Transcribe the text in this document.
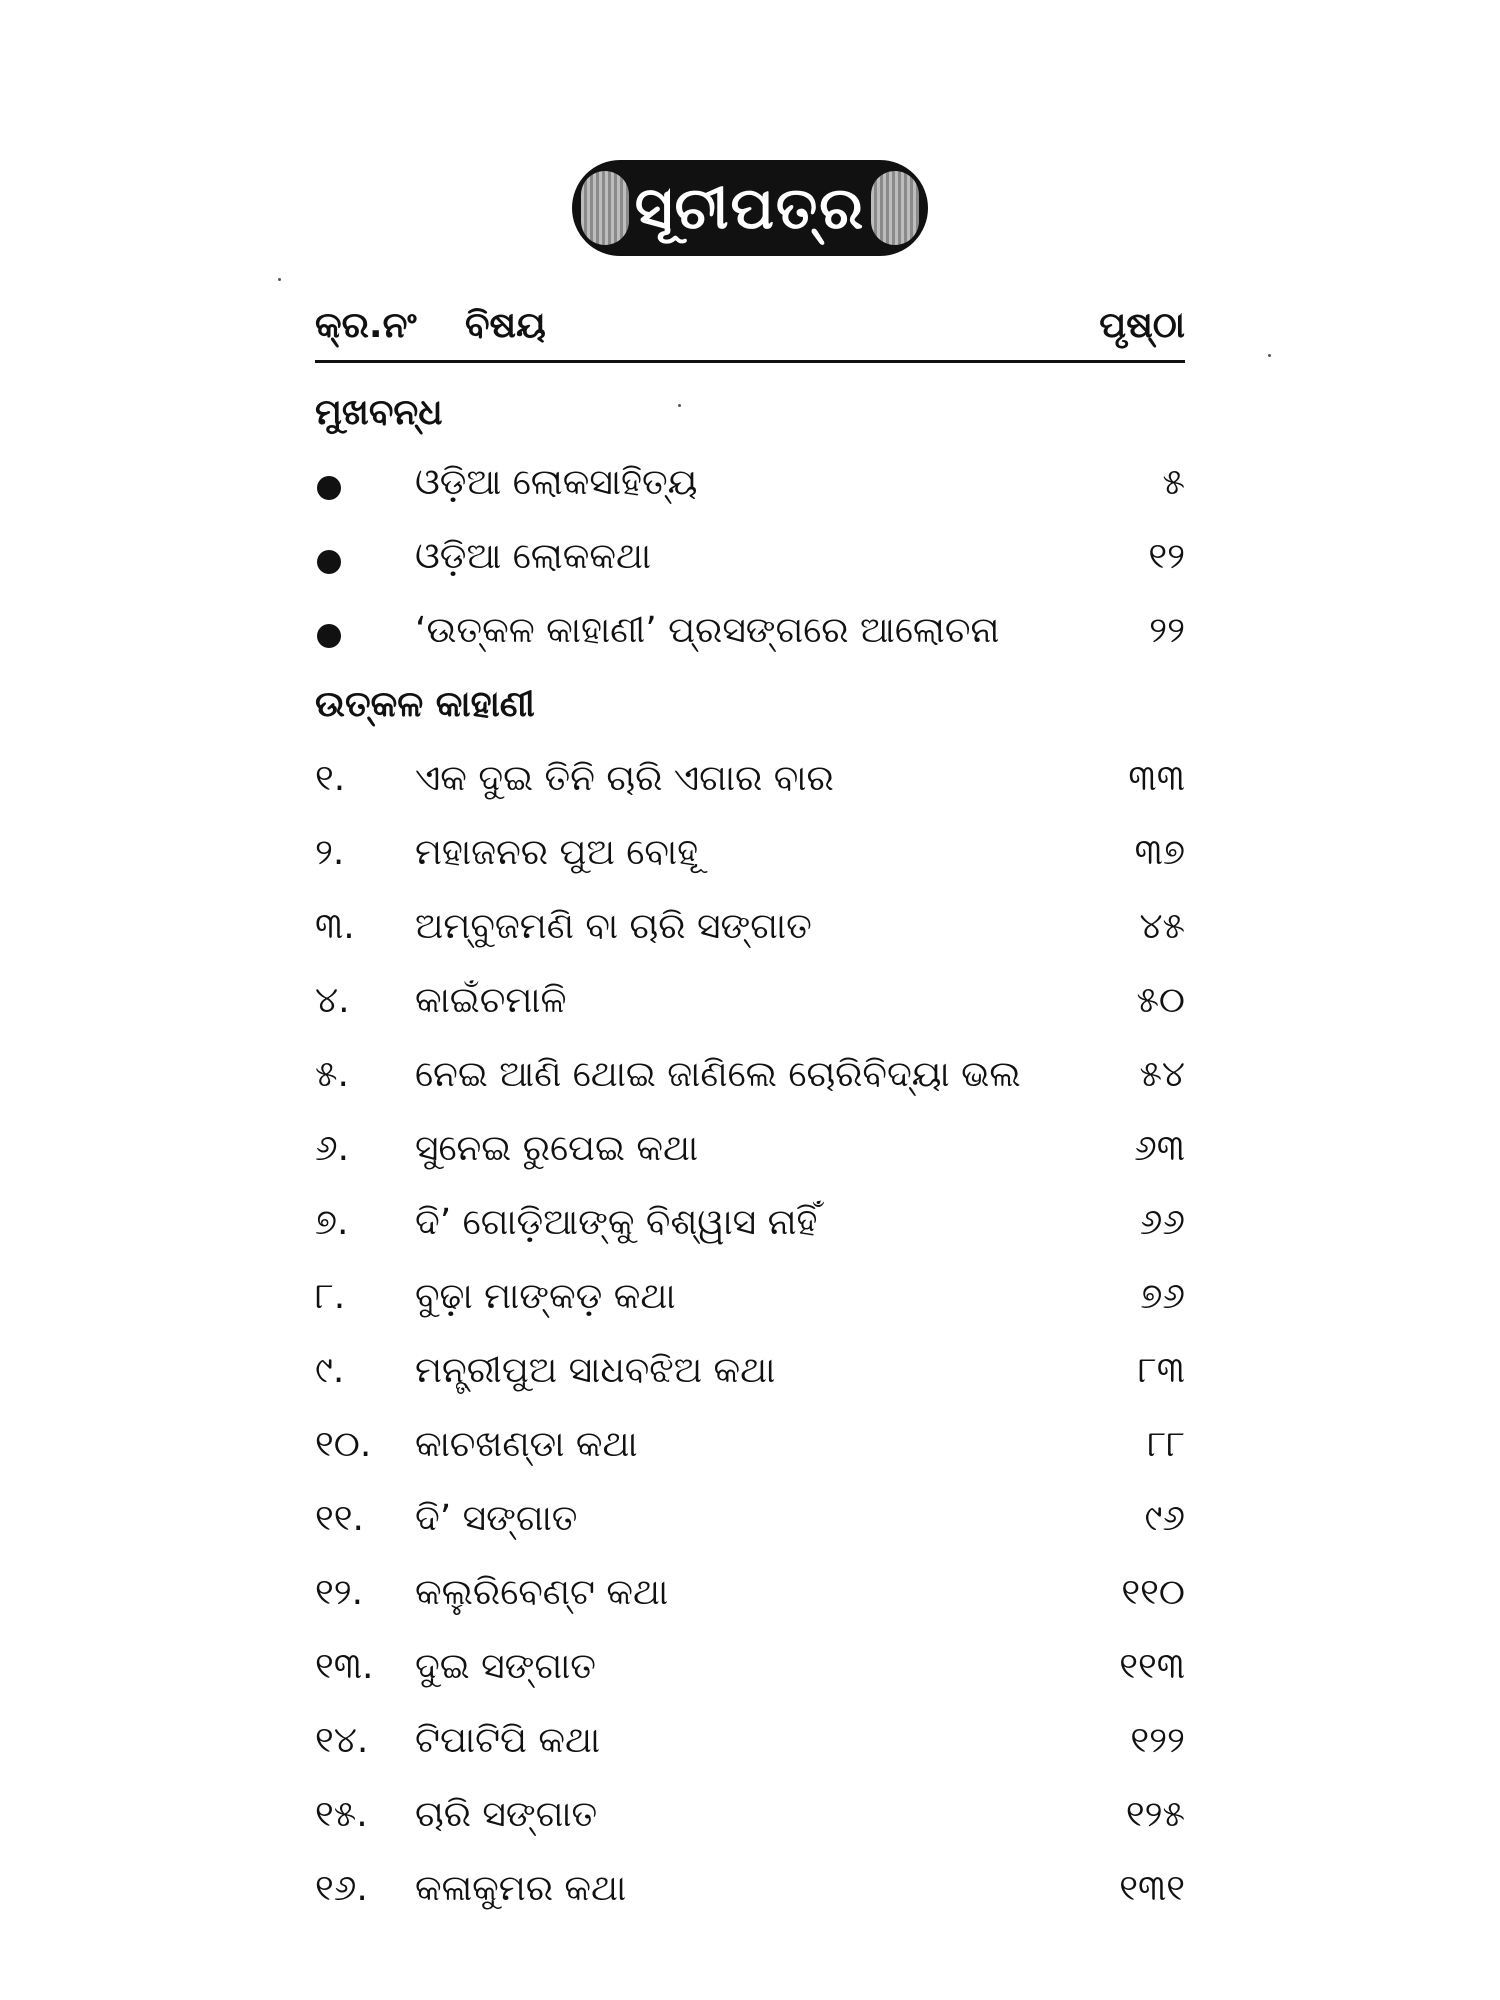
ସୂଚୀପତ୍ର
କ୍ର.ନଂ ବିଷୟ	ପୃଷ୍ଠା
ମୁଖବନ୍ଧ
ଓଡ଼ିଆ ଲୋକସାହିତ୍ୟ	୫
ଓଡ଼ିଆ ଲୋକକଥା	୧୨
‘ଉତ୍କଳ କାହାଣୀ’ ପ୍ରସଙ୍ଗରେ ଆଲୋଚନା	୨୨
ଉତ୍କଳ କାହାଣୀ
୧.	ଏକ ଦୁଇ ତିନି ଚାରି ଏଗାର ବାର	୩୩
୨.	ମହାଜନର ପୁଅ ବୋହୂ	୩୭
୩.	ଅମ୍ବୁଜମଣି ବା ଚାରି ସଙ୍ଗାତ	୪୫
୪.	କାଇଁଚମାଳି	୫୦
୫.	ନେଇ ଆଣି ଥୋଇ ଜାଣିଲେ ଚୋରିବିଦ୍ୟା ଭଲ	୫୪
୬.	ସୁନେଇ ରୁପେଇ କଥା	୬୩
୭.	ଦି’ ଗୋଡ଼ିଆଙ୍କୁ ବିଶ୍ୱାସ ନାହିଁ	୬୬
୮.	ବୁଢ଼ା ମାଙ୍କଡ଼ କଥା	୭୬
୯.	ମନ୍ତ୍ରୀପୁଅ ସାଧବଝିଅ କଥା	୮୩
୧୦.	କାଚଖଣ୍ଡା କଥା	୮୮
୧୧.	ଦି’ ସଙ୍ଗାତ	୯୬
୧୨.	କଲୁରିବେଣ୍ଟ କଥା	୧୧୦
୧୩.	ଦୁଇ ସଙ୍ଗାତ	୧୧୩
୧୪.	ଟିପାଟିପି କଥା	୧୨୨
୧୫.	ଚାରି ସଙ୍ଗାତ	୧୨୫
୧୬.	କଳାକୁମର କଥା	୧୩୧
